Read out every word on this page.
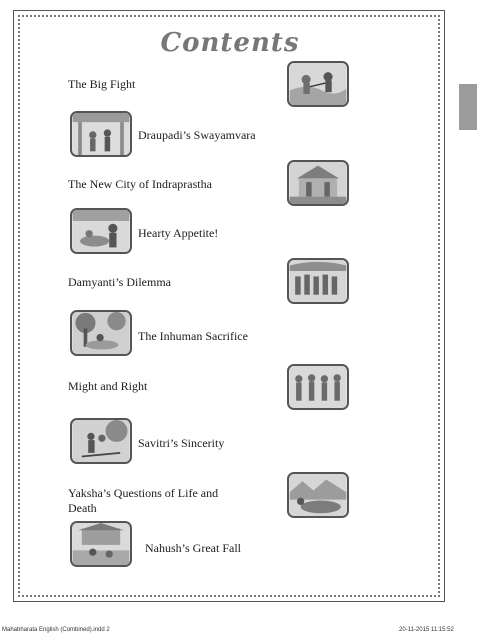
Contents
The Big Fight
Draupadi’s Swayamvara
The New City of Indraprastha
Hearty Appetite!
Damyanti’s Dilemma
The Inhuman Sacrifice
Might and Right
Savitri’s Sincerity
Yaksha’s Questions of Life and Death
Nahush’s Great Fall
Mahabharata English (Combined).indd 2	20-11-2015 11:15:52
